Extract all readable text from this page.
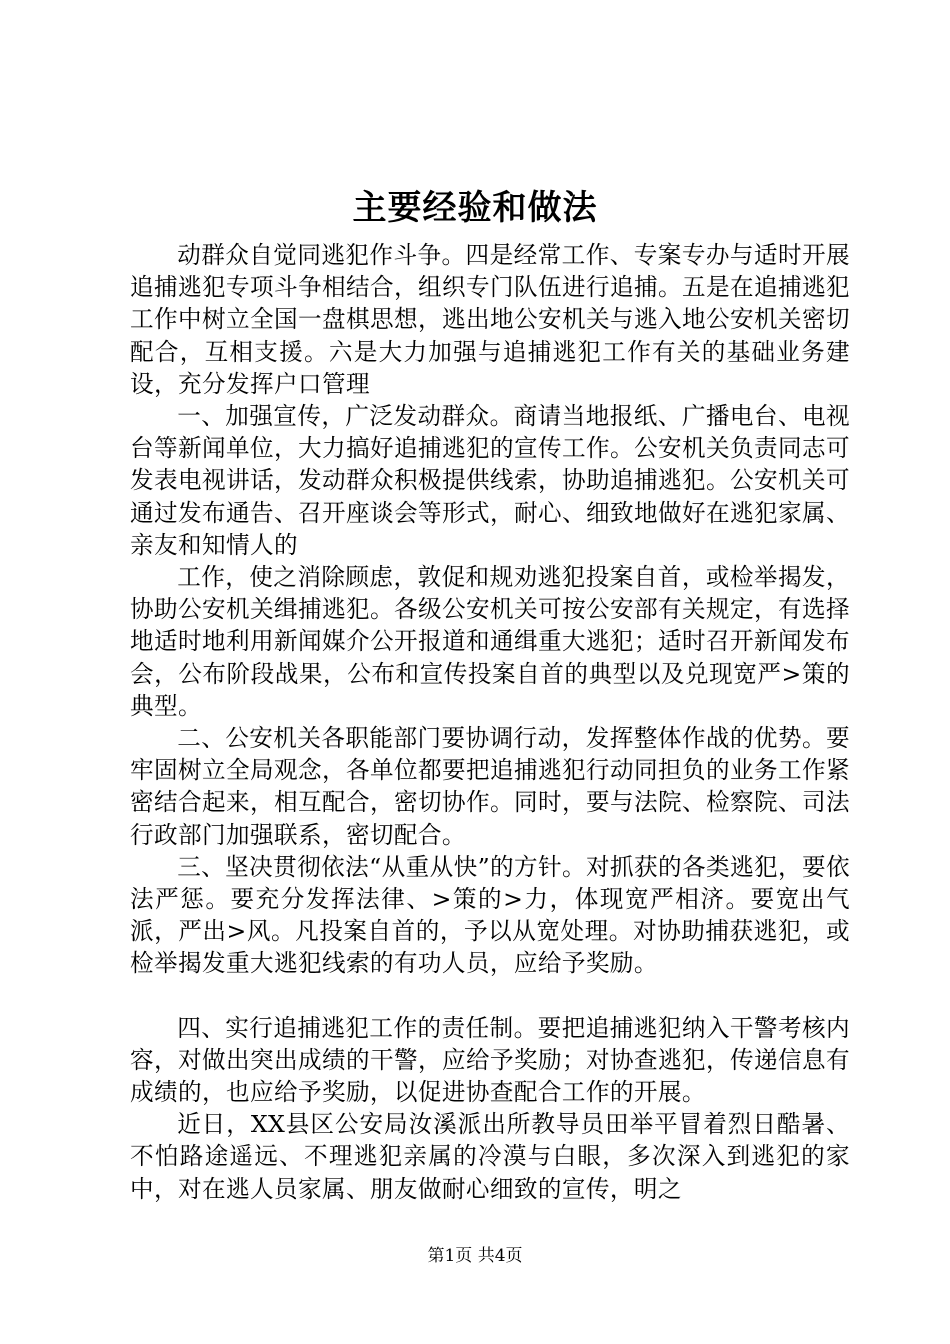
主要经验和做法

动群众自觉同逃犯作斗争。四是经常工作、专案专办与适时开展追捕逃犯专项斗争相结合，组织专门队伍进行追捕。五是在追捕逃犯工作中树立全国一盘棋思想，逃出地公安机关与逃入地公安机关密切配合，互相支援。六是大力加强与追捕逃犯工作有关的基础业务建设，充分发挥户口管理

一、加强宣传，广泛发动群众。商请当地报纸、广播电台、电视台等新闻单位，大力搞好追捕逃犯的宣传工作。公安机关负责同志可发表电视讲话，发动群众积极提供线索，协助追捕逃犯。公安机关可通过发布通告、召开座谈会等形式，耐心、细致地做好在逃犯家属、亲友和知情人的

工作，使之消除顾虑，敦促和规劝逃犯投案自首，或检举揭发，协助公安机关缉捕逃犯。各级公安机关可按公安部有关规定，有选择地适时地利用新闻媒介公开报道和通缉重大逃犯；适时召开新闻发布会，公布阶段战果，公布和宣传投案自首的典型以及兑现宽严>策的典型。

二、公安机关各职能部门要协调行动，发挥整体作战的优势。要牢固树立全局观念，各单位都要把追捕逃犯行动同担负的业务工作紧密结合起来，相互配合，密切协作。同时，要与法院、检察院、司法行政部门加强联系，密切配合。

三、坚决贯彻依法“从重从快”的方针。对抓获的各类逃犯，要依法严惩。要充分发挥法律、>策的>力，体现宽严相济。要宽出气派，严出>风。凡投案自首的，予以从宽处理。对协助捕获逃犯，或检举揭发重大逃犯线索的有功人员，应给予奖励。

四、实行追捕逃犯工作的责任制。要把追捕逃犯纳入干警考核内容，对做出突出成绩的干警，应给予奖励；对协查逃犯，传递信息有成绩的，也应给予奖励，以促进协查配合工作的开展。

近日，XX县区公安局汝溪派出所教导员田举平冒着烈日酷暑、不怕路途遥远、不理逃犯亲属的冷漠与白眼，多次深入到逃犯的家中，对在逃人员家属、朋友做耐心细致的宣传，明之

第1页 共4页
